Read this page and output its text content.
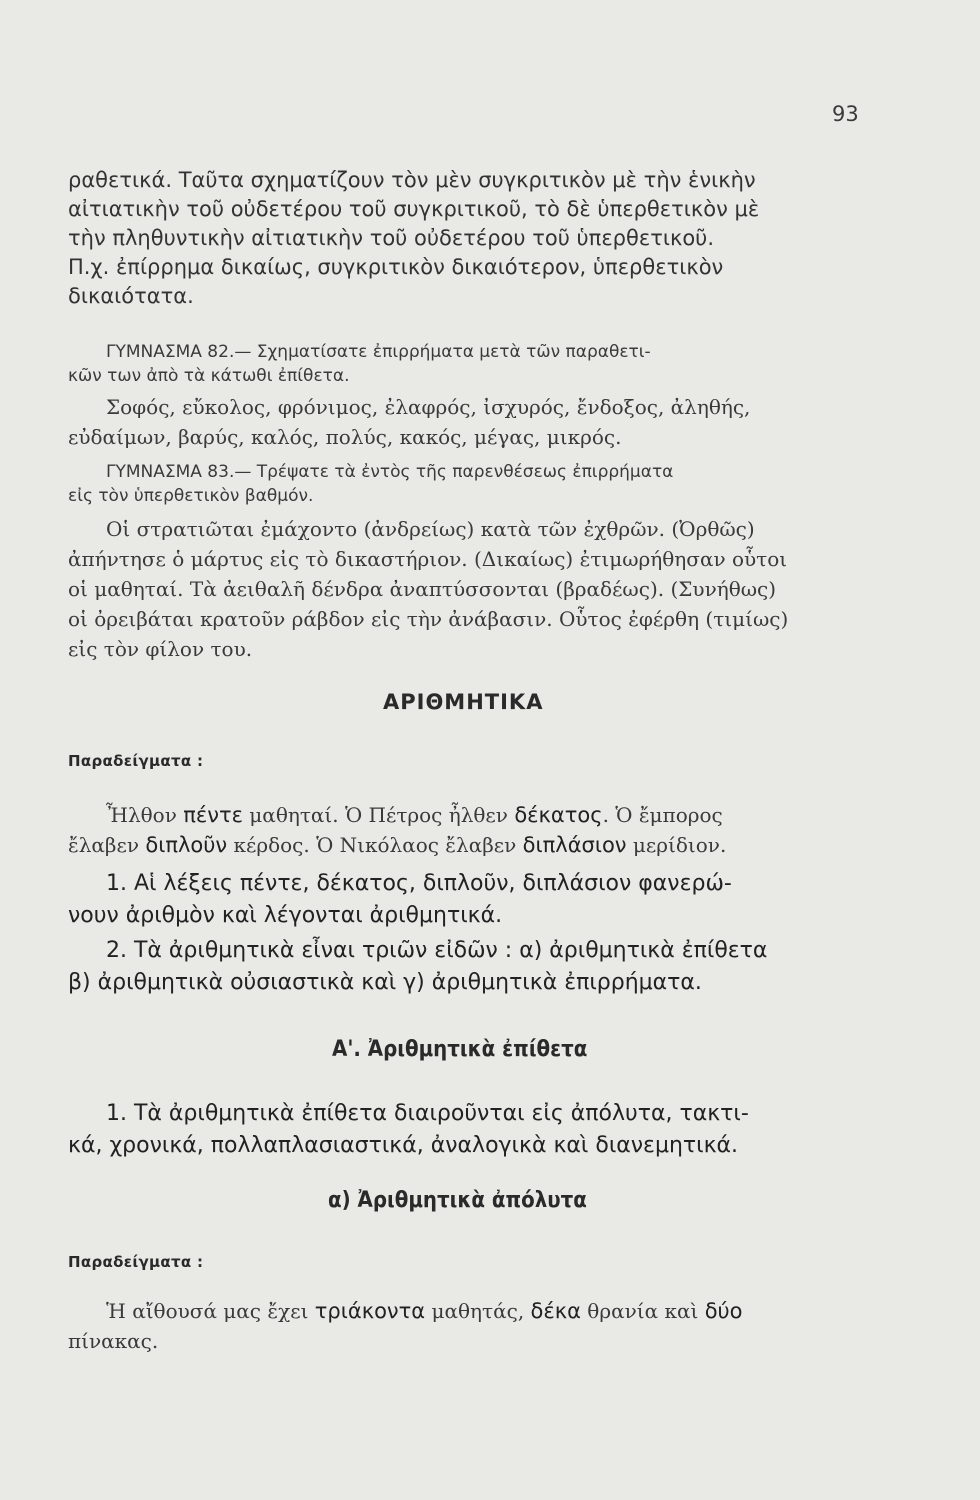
93

ραθετικά. Ταῦτα σχηματίζουν τὸν μὲν συγκριτικὸν μὲ τὴν ἑνικὴν

αἰτιατικὴν τοῦ οὐδετέρου τοῦ συγκριτικοῦ, τὸ δὲ ὑπερθετικὸν μὲ

τὴν πληθυντικὴν αἰτιατικὴν τοῦ οὐδετέρου τοῦ ὑπερθετικοῦ.

Π.χ. ἐπίρρημα δικαίως, συγκριτικὸν δικαιότερον, ὑπερθετικὸν

δικαιότατα.

ΓΥΜΝΑΣΜΑ 82.— Σχηματίσατε ἐπιρρήματα μετὰ τῶν παραθετι-

κῶν των ἀπὸ τὰ κάτωθι ἐπίθετα.

Σοφός, εὔκολος, φρόνιμος, ἐλαφρός, ἰσχυρός, ἔνδοξος, ἀληθής,

εὐδαίμων, βαρύς, καλός, πολύς, κακός, μέγας, μικρός.

ΓΥΜΝΑΣΜΑ 83.— Τρέψατε τὰ ἐντὸς τῆς παρενθέσεως ἐπιρρήματα

εἰς τὸν ὑπερθετικὸν βαθμόν.

Οἱ στρατιῶται ἐμάχοντο (ἀνδρείως) κατὰ τῶν ἐχθρῶν. (Ὀρθῶς)

ἀπήντησε ὁ μάρτυς εἰς τὸ δικαστήριον. (Δικαίως) ἐτιμωρήθησαν οὗτοι

οἱ μαθηταί. Τὰ ἀειθαλῆ δένδρα ἀναπτύσσονται (βραδέως). (Συνήθως)

οἱ ὀρειβάται κρατοῦν ράβδον εἰς τὴν ἀνάβασιν. Οὗτος ἐφέρθη (τιμίως)

εἰς τὸν φίλον του.

ΑΡΙΘΜΗΤΙΚΑ
Παραδείγματα :

Ἦλθον πέντε μαθηταί. Ὁ Πέτρος ἦλθεν δέκατος. Ὁ ἔμπορος

ἔλαβεν διπλοῦν κέρδος. Ὁ Νικόλαος ἔλαβεν διπλάσιον μερίδιον.

1. Αἱ λέξεις πέντε, δέκατος, διπλοῦν, διπλάσιον φανερώ-

νουν ἀριθμὸν καὶ λέγονται ἀριθμητικά.

2. Τὰ ἀριθμητικὰ εἶναι τριῶν εἰδῶν : α) ἀριθμητικὰ ἐπίθετα

β) ἀριθμητικὰ οὐσιαστικὰ καὶ γ) ἀριθμητικὰ ἐπιρρήματα.

Α'. Ἀριθμητικὰ ἐπίθετα

1. Τὰ ἀριθμητικὰ ἐπίθετα διαιροῦνται εἰς ἀπόλυτα, τακτι-

κά, χρονικά, πολλαπλασιαστικά, ἀναλογικὰ καὶ διανεμητικά.

α) Ἀριθμητικὰ ἀπόλυτα
Παραδείγματα :

Ἡ αἴθουσά μας ἔχει τριάκοντα μαθητάς, δέκα θρανία καὶ δύο

πίνακας.
